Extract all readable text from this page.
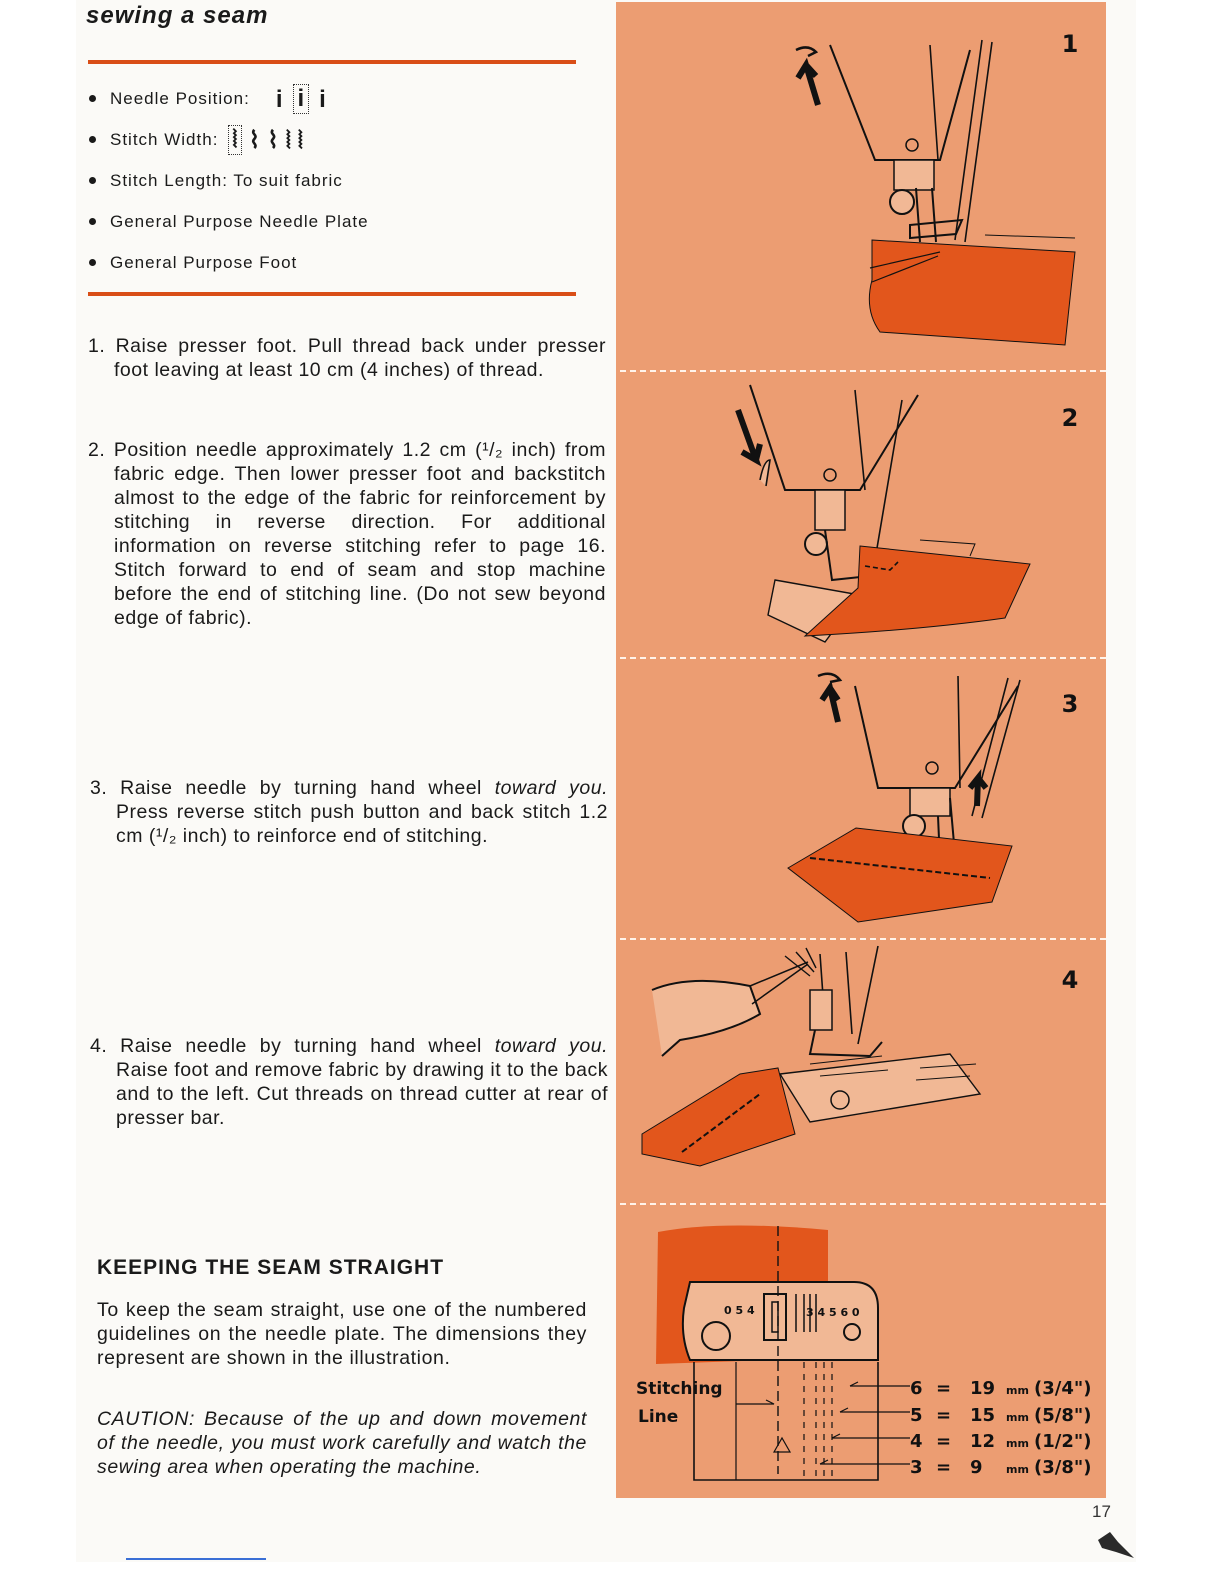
sewing a seam
Needle Position: i i i
Stitch Width: ⦚ ⌇ ⌇ ⦚ ⦚
Stitch Length: To suit fabric
General Purpose Needle Plate
General Purpose Foot

1. Raise presser foot. Pull thread back under presser foot leaving at least 10 cm (4 inches) of thread.

2. Position needle approximately 1.2 cm (¹/₂ inch) from fabric edge. Then lower presser foot and backstitch almost to the edge of the fabric for reinforcement by stitching in reverse direction. For additional information on reverse stitching refer to page 16. Stitch forward to end of seam and stop machine before the end of stitching line. (Do not sew beyond edge of fabric).

3. Raise needle by turning hand wheel toward you. Press reverse stitch push button and back stitch 1.2 cm (¹/₂ inch) to reinforce end of stitching.

4. Raise needle by turning hand wheel toward you. Raise foot and remove fabric by drawing it to the back and to the left. Cut threads on thread cutter at rear of presser bar.

KEEPING THE SEAM STRAIGHT

To keep the seam straight, use one of the numbered guidelines on the needle plate. The dimensions they represent are shown in the illustration.

CAUTION: Because of the up and down movement of the needle, you must work carefully and watch the sewing area when operating the machine.

1
2
3
4
0 5 4	3 4 5 6 0
Stitching
Line
6 = 19 mm (3/4")
5 = 15 mm (5/8")
4 = 12 mm (1/2")
3 = 9 mm (3/8")
17
